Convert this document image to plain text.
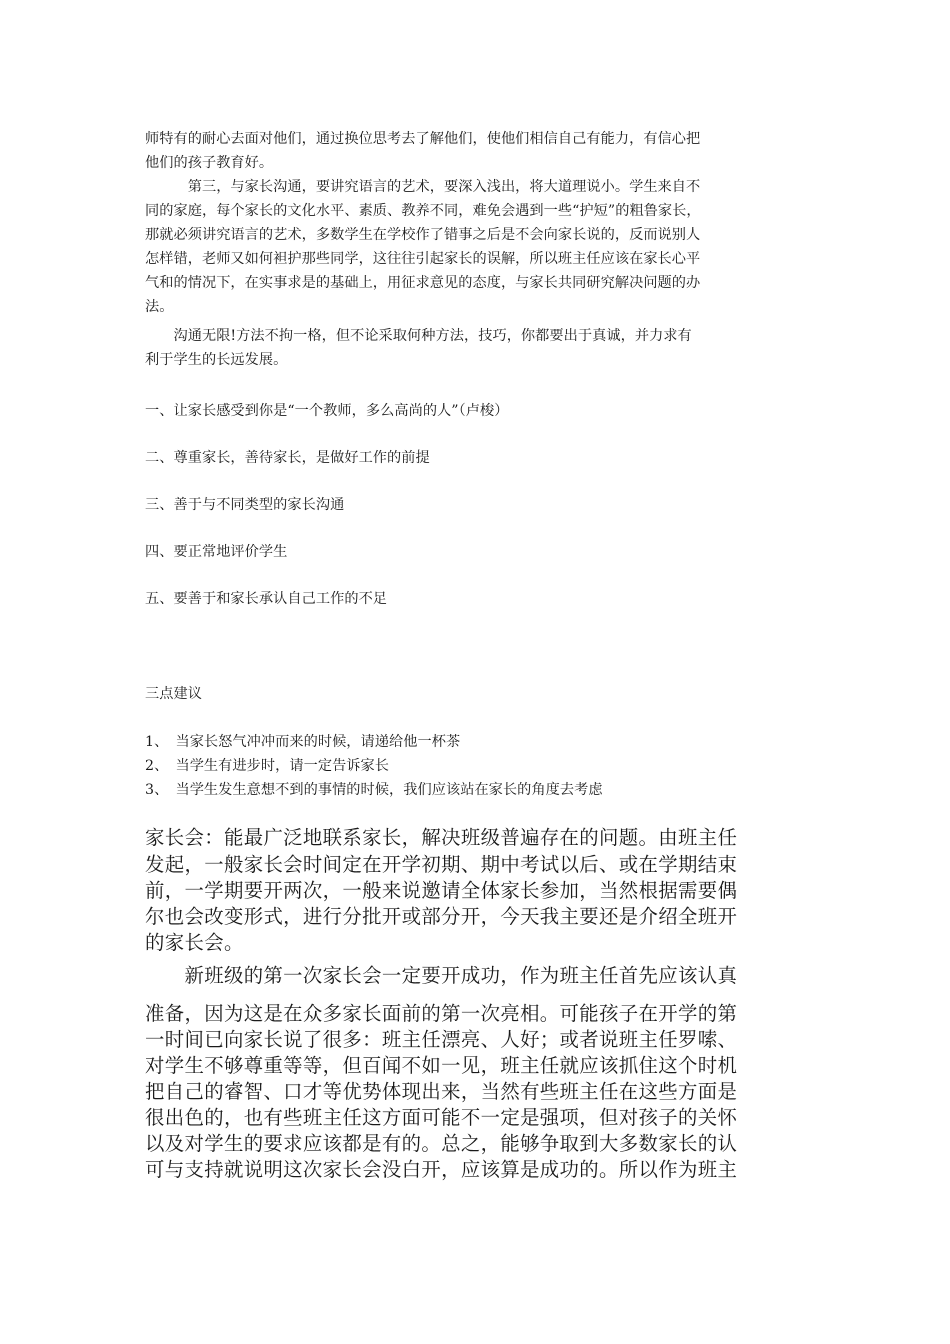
师特有的耐心去面对他们，通过换位思考去了解他们，使他们相信自己有能力，有信心把

他们的孩子教育好。

　　　第三，与家长沟通，要讲究语言的艺术，要深入浅出，将大道理说小。学生来自不

同的家庭，每个家长的文化水平、素质、教养不同，难免会遇到一些“护短”的粗鲁家长，

那就必须讲究语言的艺术，多数学生在学校作了错事之后是不会向家长说的，反而说别人

怎样错，老师又如何袒护那些同学，这往往引起家长的误解，所以班主任应该在家长心平

气和的情况下，在实事求是的基础上，用征求意见的态度，与家长共同研究解决问题的办

法。

　　沟通无限!方法不拘一格，但不论采取何种方法，技巧，你都要出于真诚，并力求有

利于学生的长远发展。

一、让家长感受到你是“一个教师，多么高尚的人”（卢梭）

二、尊重家长，善待家长，是做好工作的前提

三、善于与不同类型的家长沟通

四、要正常地评价学生

五、要善于和家长承认自己工作的不足

三点建议

1、　当家长怒气冲冲而来的时候，请递给他一杯茶

2、　当学生有进步时，请一定告诉家长

3、　当学生发生意想不到的事情的时候，我们应该站在家长的角度去考虑

家长会：能最广泛地联系家长，解决班级普遍存在的问题。由班主任

发起，一般家长会时间定在开学初期、期中考试以后、或在学期结束

前，一学期要开两次，一般来说邀请全体家长参加，当然根据需要偶

尔也会改变形式，进行分批开或部分开，今天我主要还是介绍全班开

的家长会。

　　新班级的第一次家长会一定要开成功，作为班主任首先应该认真

准备，因为这是在众多家长面前的第一次亮相。可能孩子在开学的第

一时间已向家长说了很多：班主任漂亮、人好；或者说班主任罗嗦、

对学生不够尊重等等，但百闻不如一见，班主任就应该抓住这个时机

把自己的睿智、口才等优势体现出来，当然有些班主任在这些方面是

很出色的，也有些班主任这方面可能不一定是强项，但对孩子的关怀

以及对学生的要求应该都是有的。总之，能够争取到大多数家长的认

可与支持就说明这次家长会没白开，应该算是成功的。所以作为班主
